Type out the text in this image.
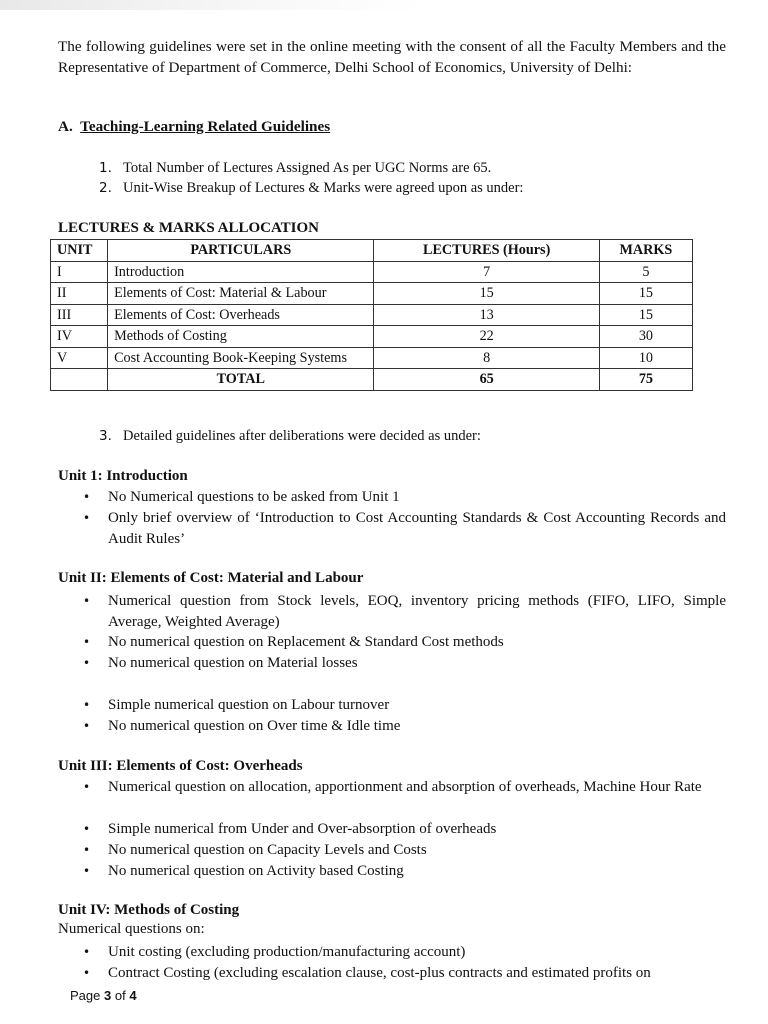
The following guidelines were set in the online meeting with the consent of all the Faculty Members and the Representative of Department of Commerce, Delhi School of Economics, University of Delhi:

A. Teaching-Learning Related Guidelines

1. Total Number of Lectures Assigned As per UGC Norms are 65.

2. Unit-Wise Breakup of Lectures & Marks were agreed upon as under:

LECTURES & MARKS ALLOCATION

UNIT	PARTICULARS	LECTURES (Hours)	MARKS
I	Introduction	7	5
II	Elements of Cost: Material & Labour	15	15
III	Elements of Cost: Overheads	13	15
IV	Methods of Costing	22	30
V	Cost Accounting Book-Keeping Systems	8	10
	TOTAL	65	75

3. Detailed guidelines after deliberations were decided as under:

Unit 1: Introduction

•	No Numerical questions to be asked from Unit 1
•	Only brief overview of ‘Introduction to Cost Accounting Standards & Cost Accounting Records and Audit Rules’

Unit II: Elements of Cost: Material and Labour

•	Numerical question from Stock levels, EOQ, inventory pricing methods (FIFO, LIFO, Simple Average, Weighted Average)
•	No numerical question on Replacement & Standard Cost methods
•	No numerical question on Material losses
•	Simple numerical question on Labour turnover
•	No numerical question on Over time & Idle time

Unit III: Elements of Cost: Overheads

•	Numerical question on allocation, apportionment and absorption of overheads, Machine Hour Rate
•	Simple numerical from Under and Over-absorption of overheads
•	No numerical question on Capacity Levels and Costs
•	No numerical question on Activity based Costing

Unit IV: Methods of Costing

Numerical questions on:

•	Unit costing (excluding production/manufacturing account)
•	Contract Costing (excluding escalation clause, cost-plus contracts and estimated profits on

Page 3 of 4
